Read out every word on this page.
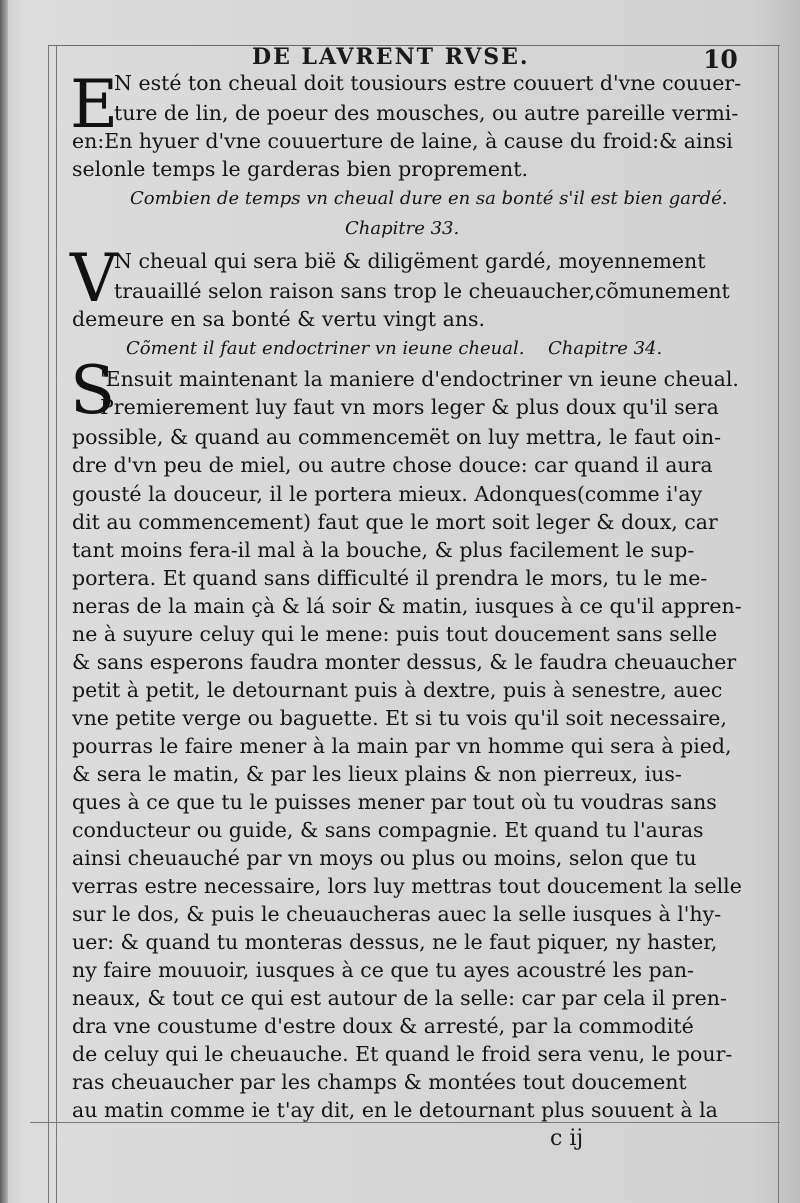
DE LAVRENT RVSE.	10
E
N esté ton cheual doit tousiours estre couuert d'vne couuer-
ture de lin, de poeur des mousches, ou autre pareille vermi-
en:En hyuer d'vne couuerture de laine, à cause du froid:& ainsi
selonle temps le garderas bien proprement.
Combien de temps vn cheual dure en sa bonté s'il est bien gardé.
Chapitre 33.
V
N cheual qui sera bië & diligëment gardé, moyennement
trauaillé selon raison sans trop le cheuaucher,cõmunement
demeure en sa bonté & vertu vingt ans.
Cõment il faut endoctriner vn ieune cheual. Chapitre 34.
S
'Ensuit maintenant la maniere d'endoctriner vn ieune cheual.
Premierement luy faut vn mors leger & plus doux qu'il sera
possible, & quand au commencemët on luy mettra, le faut oin-
dre d'vn peu de miel, ou autre chose douce: car quand il aura
gousté la douceur, il le portera mieux. Adonques(comme i'ay
dit au commencement) faut que le mort soit leger & doux, car
tant moins fera-il mal à la bouche, & plus facilement le sup-
portera. Et quand sans difficulté il prendra le mors, tu le me-
neras de la main çà & lá soir & matin, iusques à ce qu'il appren-
ne à suyure celuy qui le mene: puis tout doucement sans selle
& sans esperons faudra monter dessus, & le faudra cheuaucher
petit à petit, le detournant puis à dextre, puis à senestre, auec
vne petite verge ou baguette. Et si tu vois qu'il soit necessaire,
pourras le faire mener à la main par vn homme qui sera à pied,
& sera le matin, & par les lieux plains & non pierreux, ius-
ques à ce que tu le puisses mener par tout où tu voudras sans
conducteur ou guide, & sans compagnie. Et quand tu l'auras
ainsi cheuauché par vn moys ou plus ou moins, selon que tu
verras estre necessaire, lors luy mettras tout doucement la selle
sur le dos, & puis le cheuaucheras auec la selle iusques à l'hy-
uer: & quand tu monteras dessus, ne le faut piquer, ny haster,
ny faire mouuoir, iusques à ce que tu ayes acoustré les pan-
neaux, & tout ce qui est autour de la selle: car par cela il pren-
dra vne coustume d'estre doux & arresté, par la commodité
de celuy qui le cheuauche. Et quand le froid sera venu, le pour-
ras cheuaucher par les champs & montées tout doucement
au matin comme ie t'ay dit, en le detournant plus souuent à la
c ij
